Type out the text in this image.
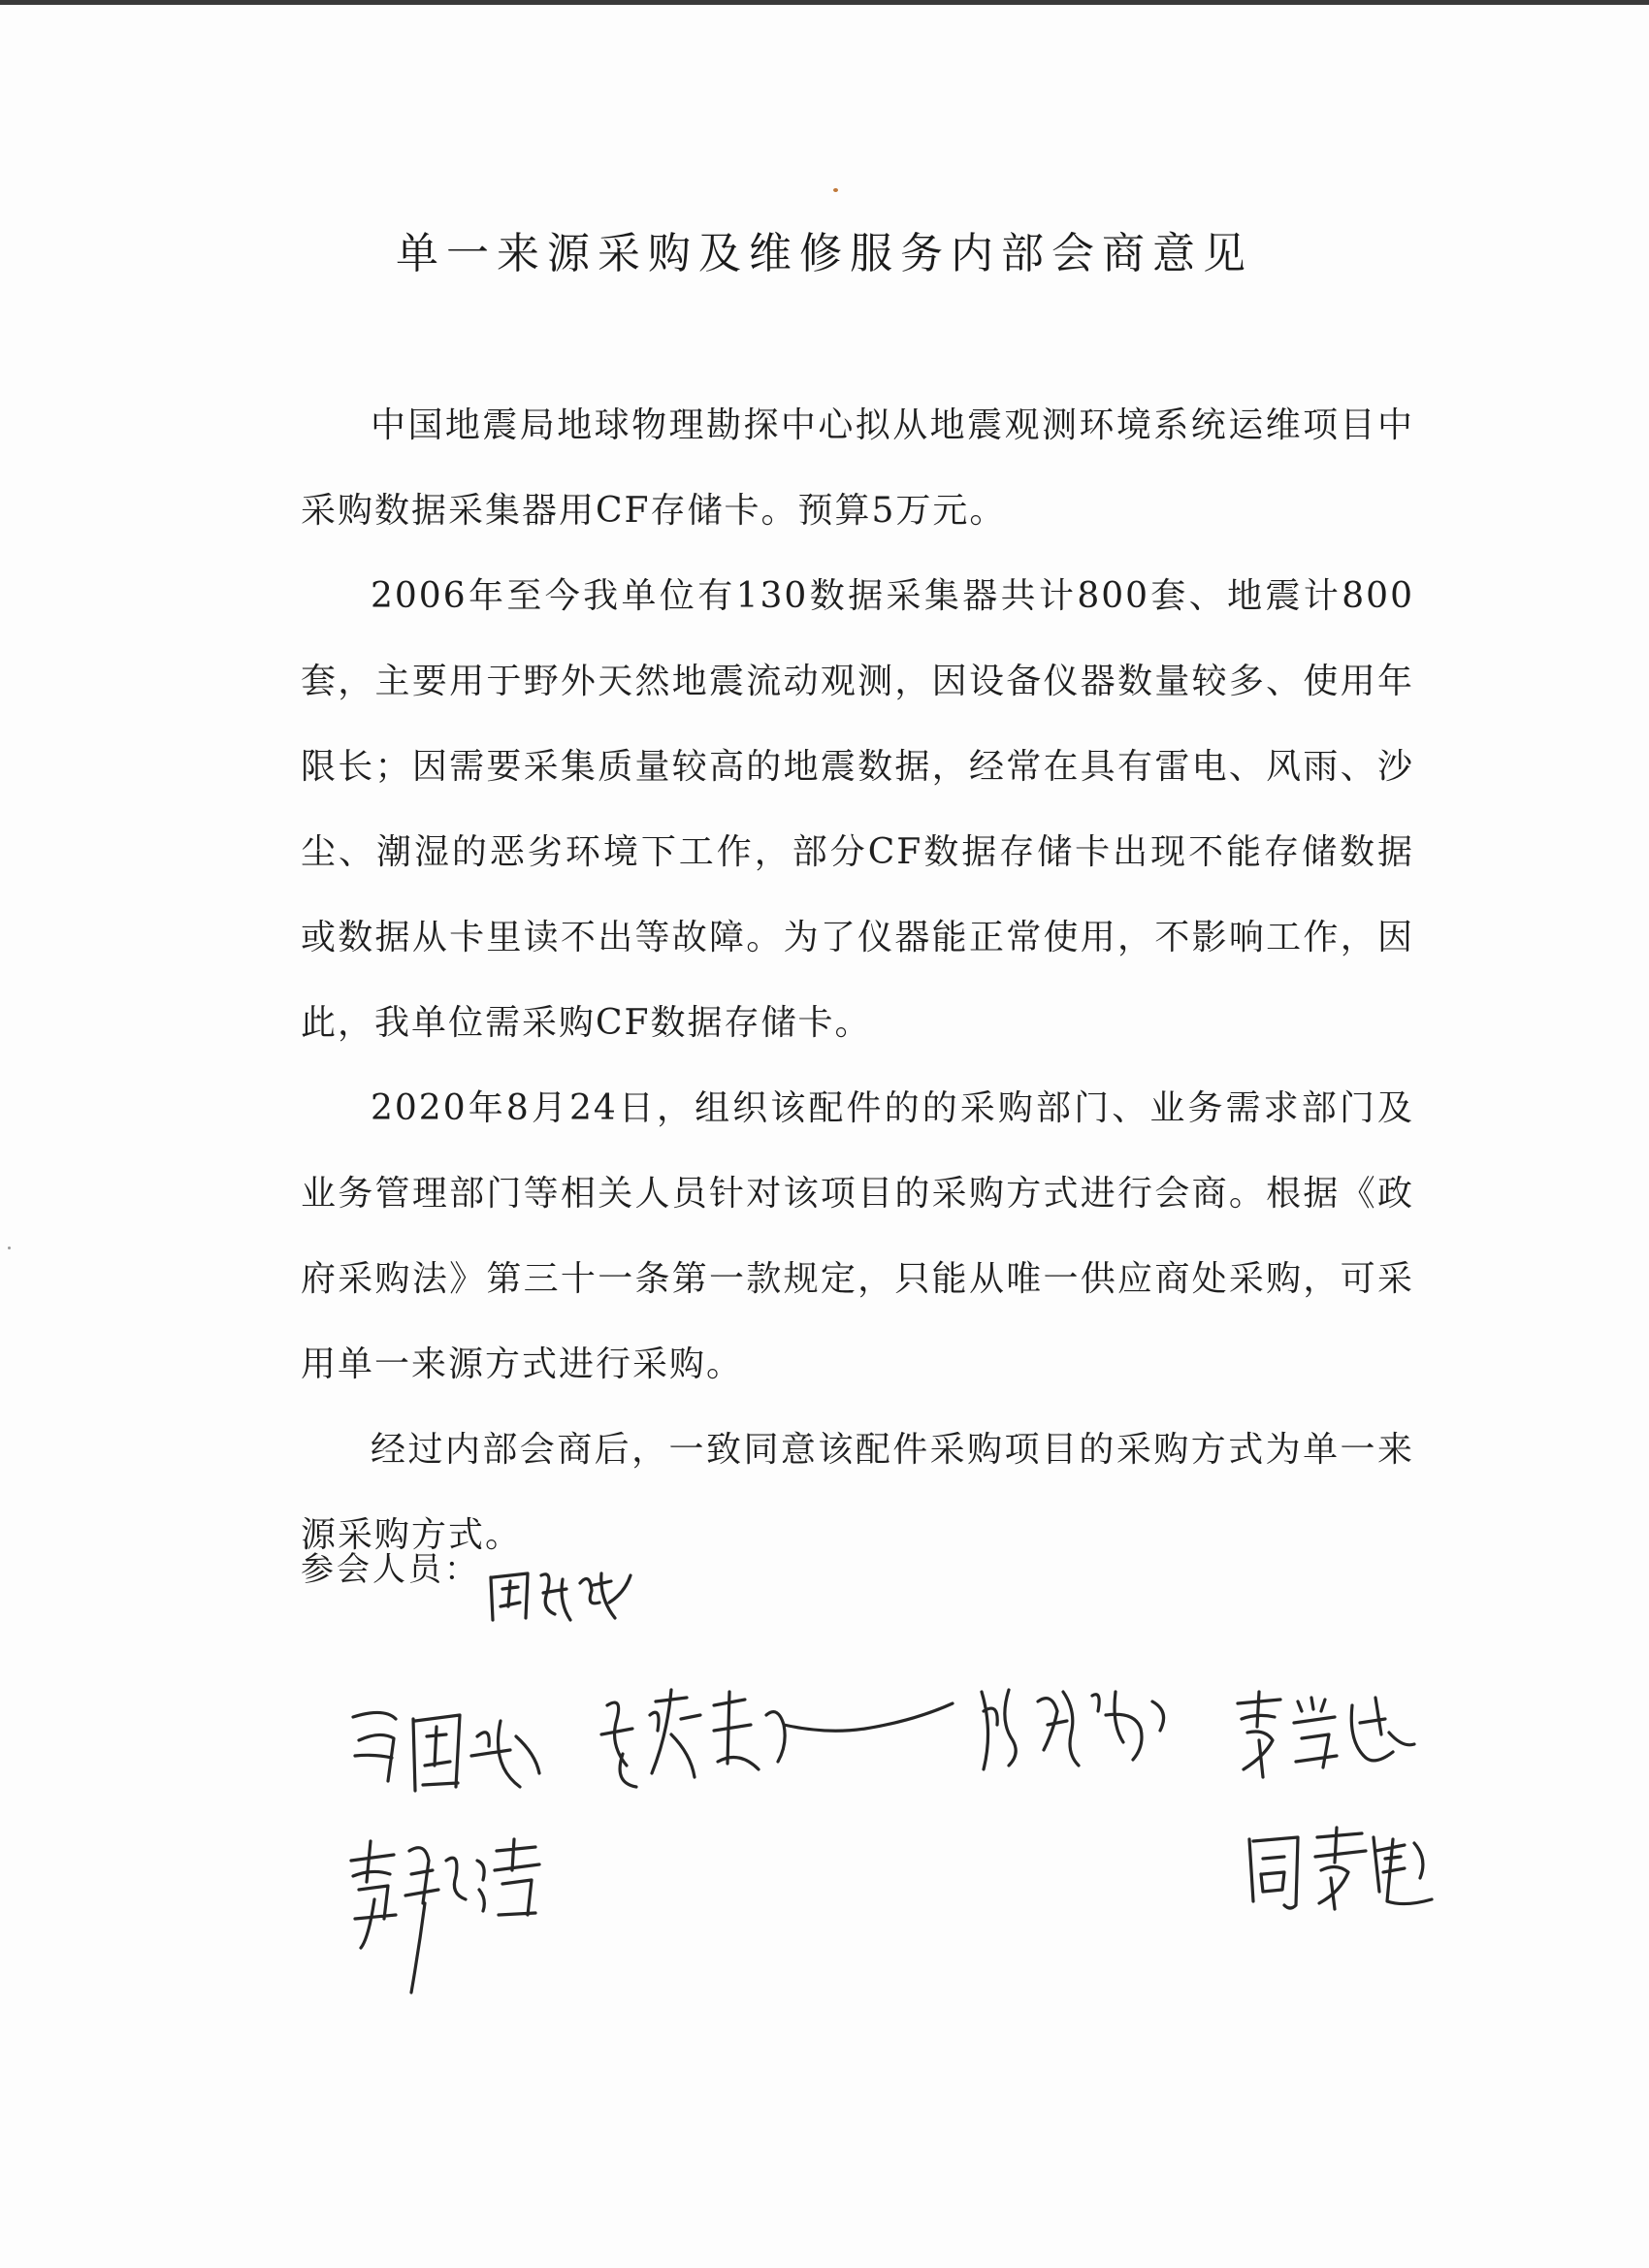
单一来源采购及维修服务内部会商意见

中国地震局地球物理勘探中心拟从地震观测环境系统运维项目中采购数据采集器用CF存储卡。预算5万元。

2006年至今我单位有130数据采集器共计800套、地震计800套，主要用于野外天然地震流动观测，因设备仪器数量较多、使用年限长；因需要采集质量较高的地震数据，经常在具有雷电、风雨、沙尘、潮湿的恶劣环境下工作，部分CF数据存储卡出现不能存储数据或数据从卡里读不出等故障。为了仪器能正常使用，不影响工作，因此，我单位需采购CF数据存储卡。

2020年8月24日，组织该配件的的采购部门、业务需求部门及业务管理部门等相关人员针对该项目的采购方式进行会商。根据《政府采购法》第三十一条第一款规定，只能从唯一供应商处采购，可采用单一来源方式进行采购。

经过内部会商后，一致同意该配件采购项目的采购方式为单一来源采购方式。

参会人员：
